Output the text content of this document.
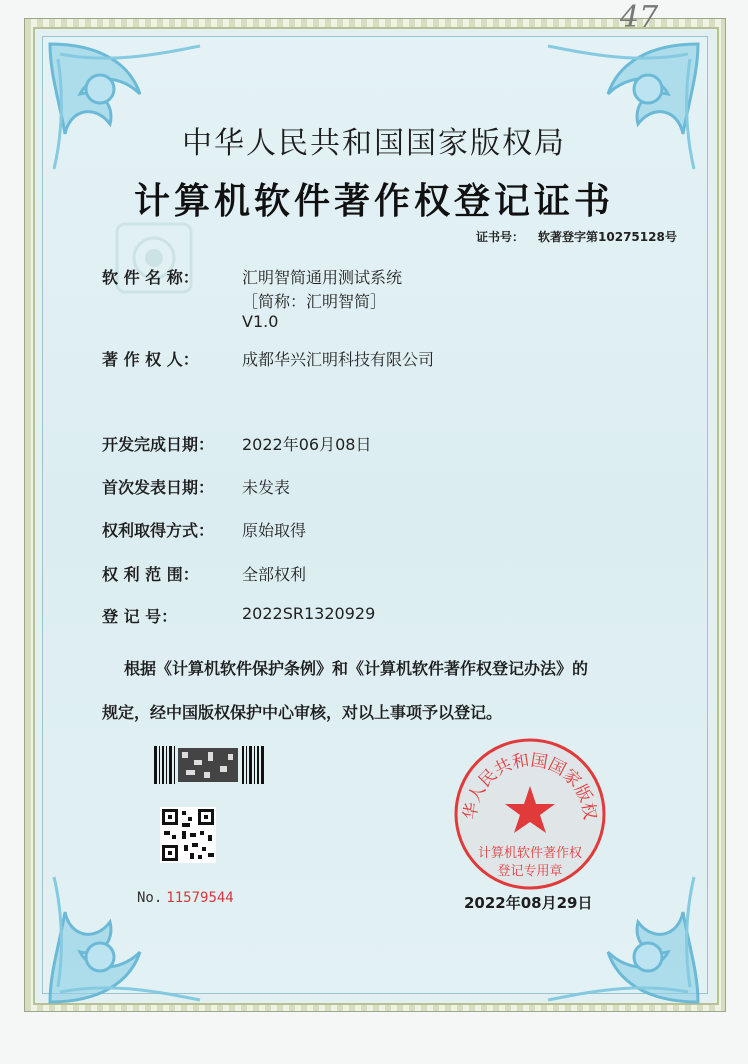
47
中华人民共和国国家版权局
计算机软件著作权登记证书
证书号： 软著登字第10275128号
软 件 名 称：	汇明智简通用测试系统
［简称：汇明智简］
V1.0
著 作 权 人：	成都华兴汇明科技有限公司
开发完成日期： 2022年06月08日
首次发表日期： 未发表
权利取得方式： 原始取得
权 利 范 围：	全部权利
登 记 号：	2022SR1320929
根据《计算机软件保护条例》和《计算机软件著作权登记办法》的
规定，经中国版权保护中心审核，对以上事项予以登记。
No. 11579544
华人民共和国国家版权
计算机软件著作权
登记专用章
2022年08月29日
